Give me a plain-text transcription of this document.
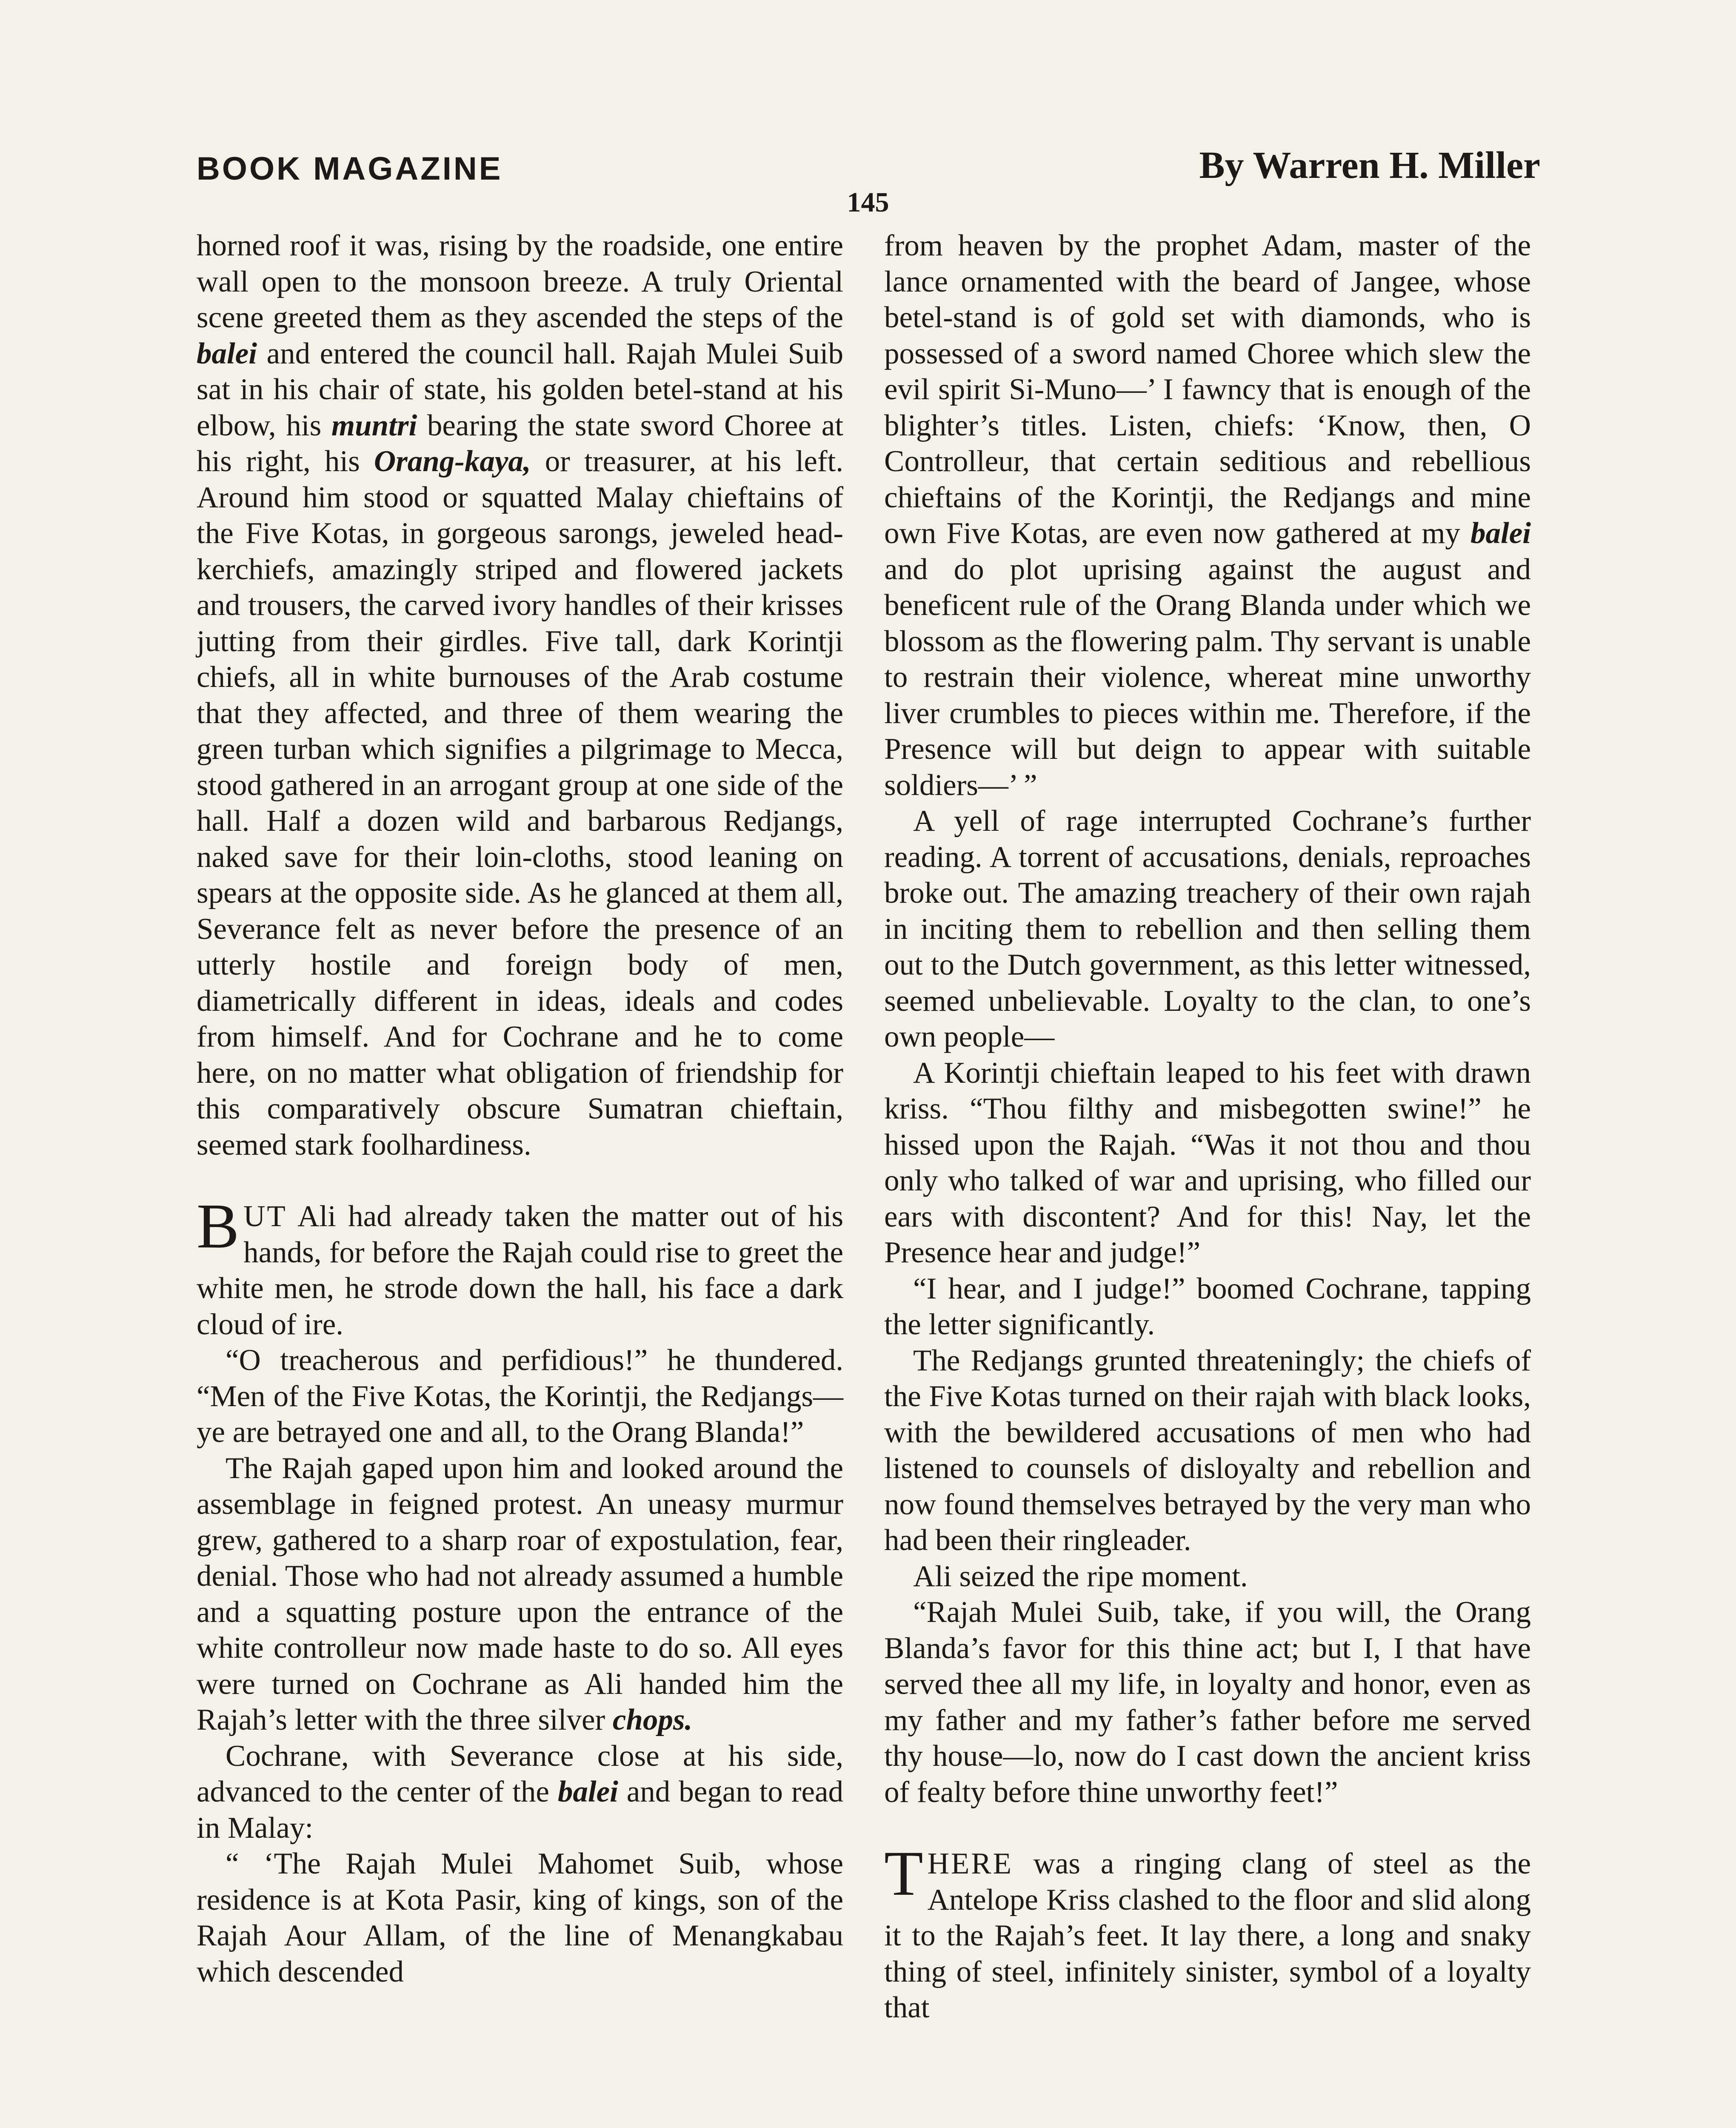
BOOK MAGAZINE	By Warren H. Miller
145

horned roof it was, rising by the roadside, one entire wall open to the monsoon breeze. A truly Oriental scene greeted them as they ascended the steps of the balei and entered the council hall. Rajah Mulei Suib sat in his chair of state, his golden betel-stand at his elbow, his muntri bearing the state sword Choree at his right, his Orang-kaya, or treasurer, at his left. Around him stood or squatted Malay chieftains of the Five Kotas, in gorgeous sarongs, jeweled head-kerchiefs, amazingly striped and flowered jackets and trousers, the carved ivory handles of their krisses jutting from their girdles. Five tall, dark Korintji chiefs, all in white burnouses of the Arab costume that they affected, and three of them wearing the green turban which signifies a pilgrimage to Mecca, stood gathered in an arrogant group at one side of the hall. Half a dozen wild and barbarous Redjangs, naked save for their loin-cloths, stood leaning on spears at the opposite side. As he glanced at them all, Severance felt as never before the presence of an utterly hostile and foreign body of men, diametrically different in ideas, ideals and codes from himself. And for Cochrane and he to come here, on no matter what obligation of friendship for this comparatively obscure Sumatran chieftain, seemed stark foolhardiness.

BUT Ali had already taken the matter out of his hands, for before the Rajah could rise to greet the white men, he strode down the hall, his face a dark cloud of ire.

“O treacherous and perfidious!” he thundered. “Men of the Five Kotas, the Korintji, the Redjangs—ye are betrayed one and all, to the Orang Blanda!”

The Rajah gaped upon him and looked around the assemblage in feigned protest. An uneasy murmur grew, gathered to a sharp roar of expostulation, fear, denial. Those who had not already assumed a humble and a squatting posture upon the entrance of the white controlleur now made haste to do so. All eyes were turned on Cochrane as Ali handed him the Rajah’s letter with the three silver chops.

Cochrane, with Severance close at his side, advanced to the center of the balei and began to read in Malay:

“ ‘The Rajah Mulei Mahomet Suib, whose residence is at Kota Pasir, king of kings, son of the Rajah Aour Allam, of the line of Menangkabau which descended

from heaven by the prophet Adam, master of the lance ornamented with the beard of Jangee, whose betel-stand is of gold set with diamonds, who is possessed of a sword named Choree which slew the evil spirit Si-Muno—’ I fawncy that is enough of the blighter’s titles. Listen, chiefs: ‘Know, then, O Controlleur, that certain seditious and rebellious chieftains of the Korintji, the Redjangs and mine own Five Kotas, are even now gathered at my balei and do plot uprising against the august and beneficent rule of the Orang Blanda under which we blossom as the flowering palm. Thy servant is unable to restrain their violence, whereat mine unworthy liver crumbles to pieces within me. Therefore, if the Presence will but deign to appear with suitable soldiers—’ ”

A yell of rage interrupted Cochrane’s further reading. A torrent of accusations, denials, reproaches broke out. The amazing treachery of their own rajah in inciting them to rebellion and then selling them out to the Dutch government, as this letter witnessed, seemed unbelievable. Loyalty to the clan, to one’s own people—

A Korintji chieftain leaped to his feet with drawn kriss. “Thou filthy and misbegotten swine!” he hissed upon the Rajah. “Was it not thou and thou only who talked of war and uprising, who filled our ears with discontent? And for this! Nay, let the Presence hear and judge!”

“I hear, and I judge!” boomed Cochrane, tapping the letter significantly.

The Redjangs grunted threateningly; the chiefs of the Five Kotas turned on their rajah with black looks, with the bewildered accusations of men who had listened to counsels of disloyalty and rebellion and now found themselves betrayed by the very man who had been their ringleader.

Ali seized the ripe moment.

“Rajah Mulei Suib, take, if you will, the Orang Blanda’s favor for this thine act; but I, I that have served thee all my life, in loyalty and honor, even as my father and my father’s father before me served thy house—lo, now do I cast down the ancient kriss of fealty before thine unworthy feet!”

THERE was a ringing clang of steel as the Antelope Kriss clashed to the floor and slid along it to the Rajah’s feet. It lay there, a long and snaky thing of steel, infinitely sinister, symbol of a loyalty that
